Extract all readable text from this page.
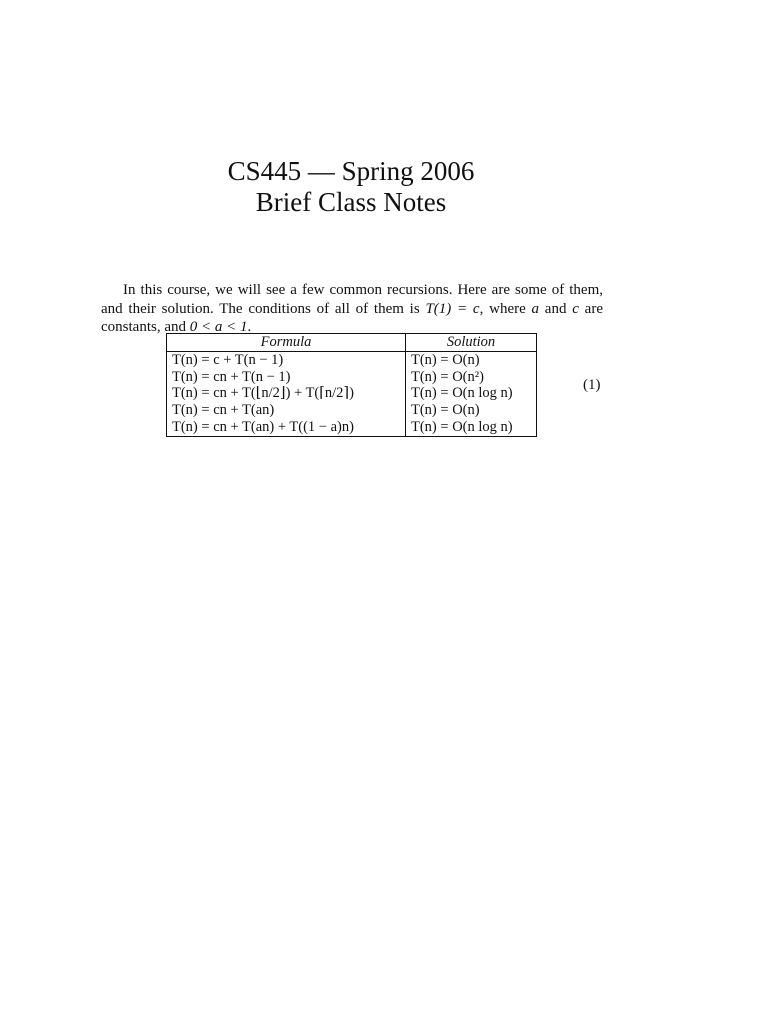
CS445 — Spring 2006
Brief Class Notes

In this course, we will see a few common recursions. Here are some of them, and their solution. The conditions of all of them is T(1) = c, where a and c are constants, and 0 < a < 1.

Formula	Solution
T(n) = c + T(n − 1)	T(n) = O(n)
T(n) = cn + T(n − 1)	T(n) = O(n²)
T(n) = cn + T(⌊n/2⌋) + T(⌈n/2⌉)	T(n) = O(n log n)
T(n) = cn + T(an)	T(n) = O(n)
T(n) = cn + T(an) + T((1 − a)n)	T(n) = O(n log n)
(1)
